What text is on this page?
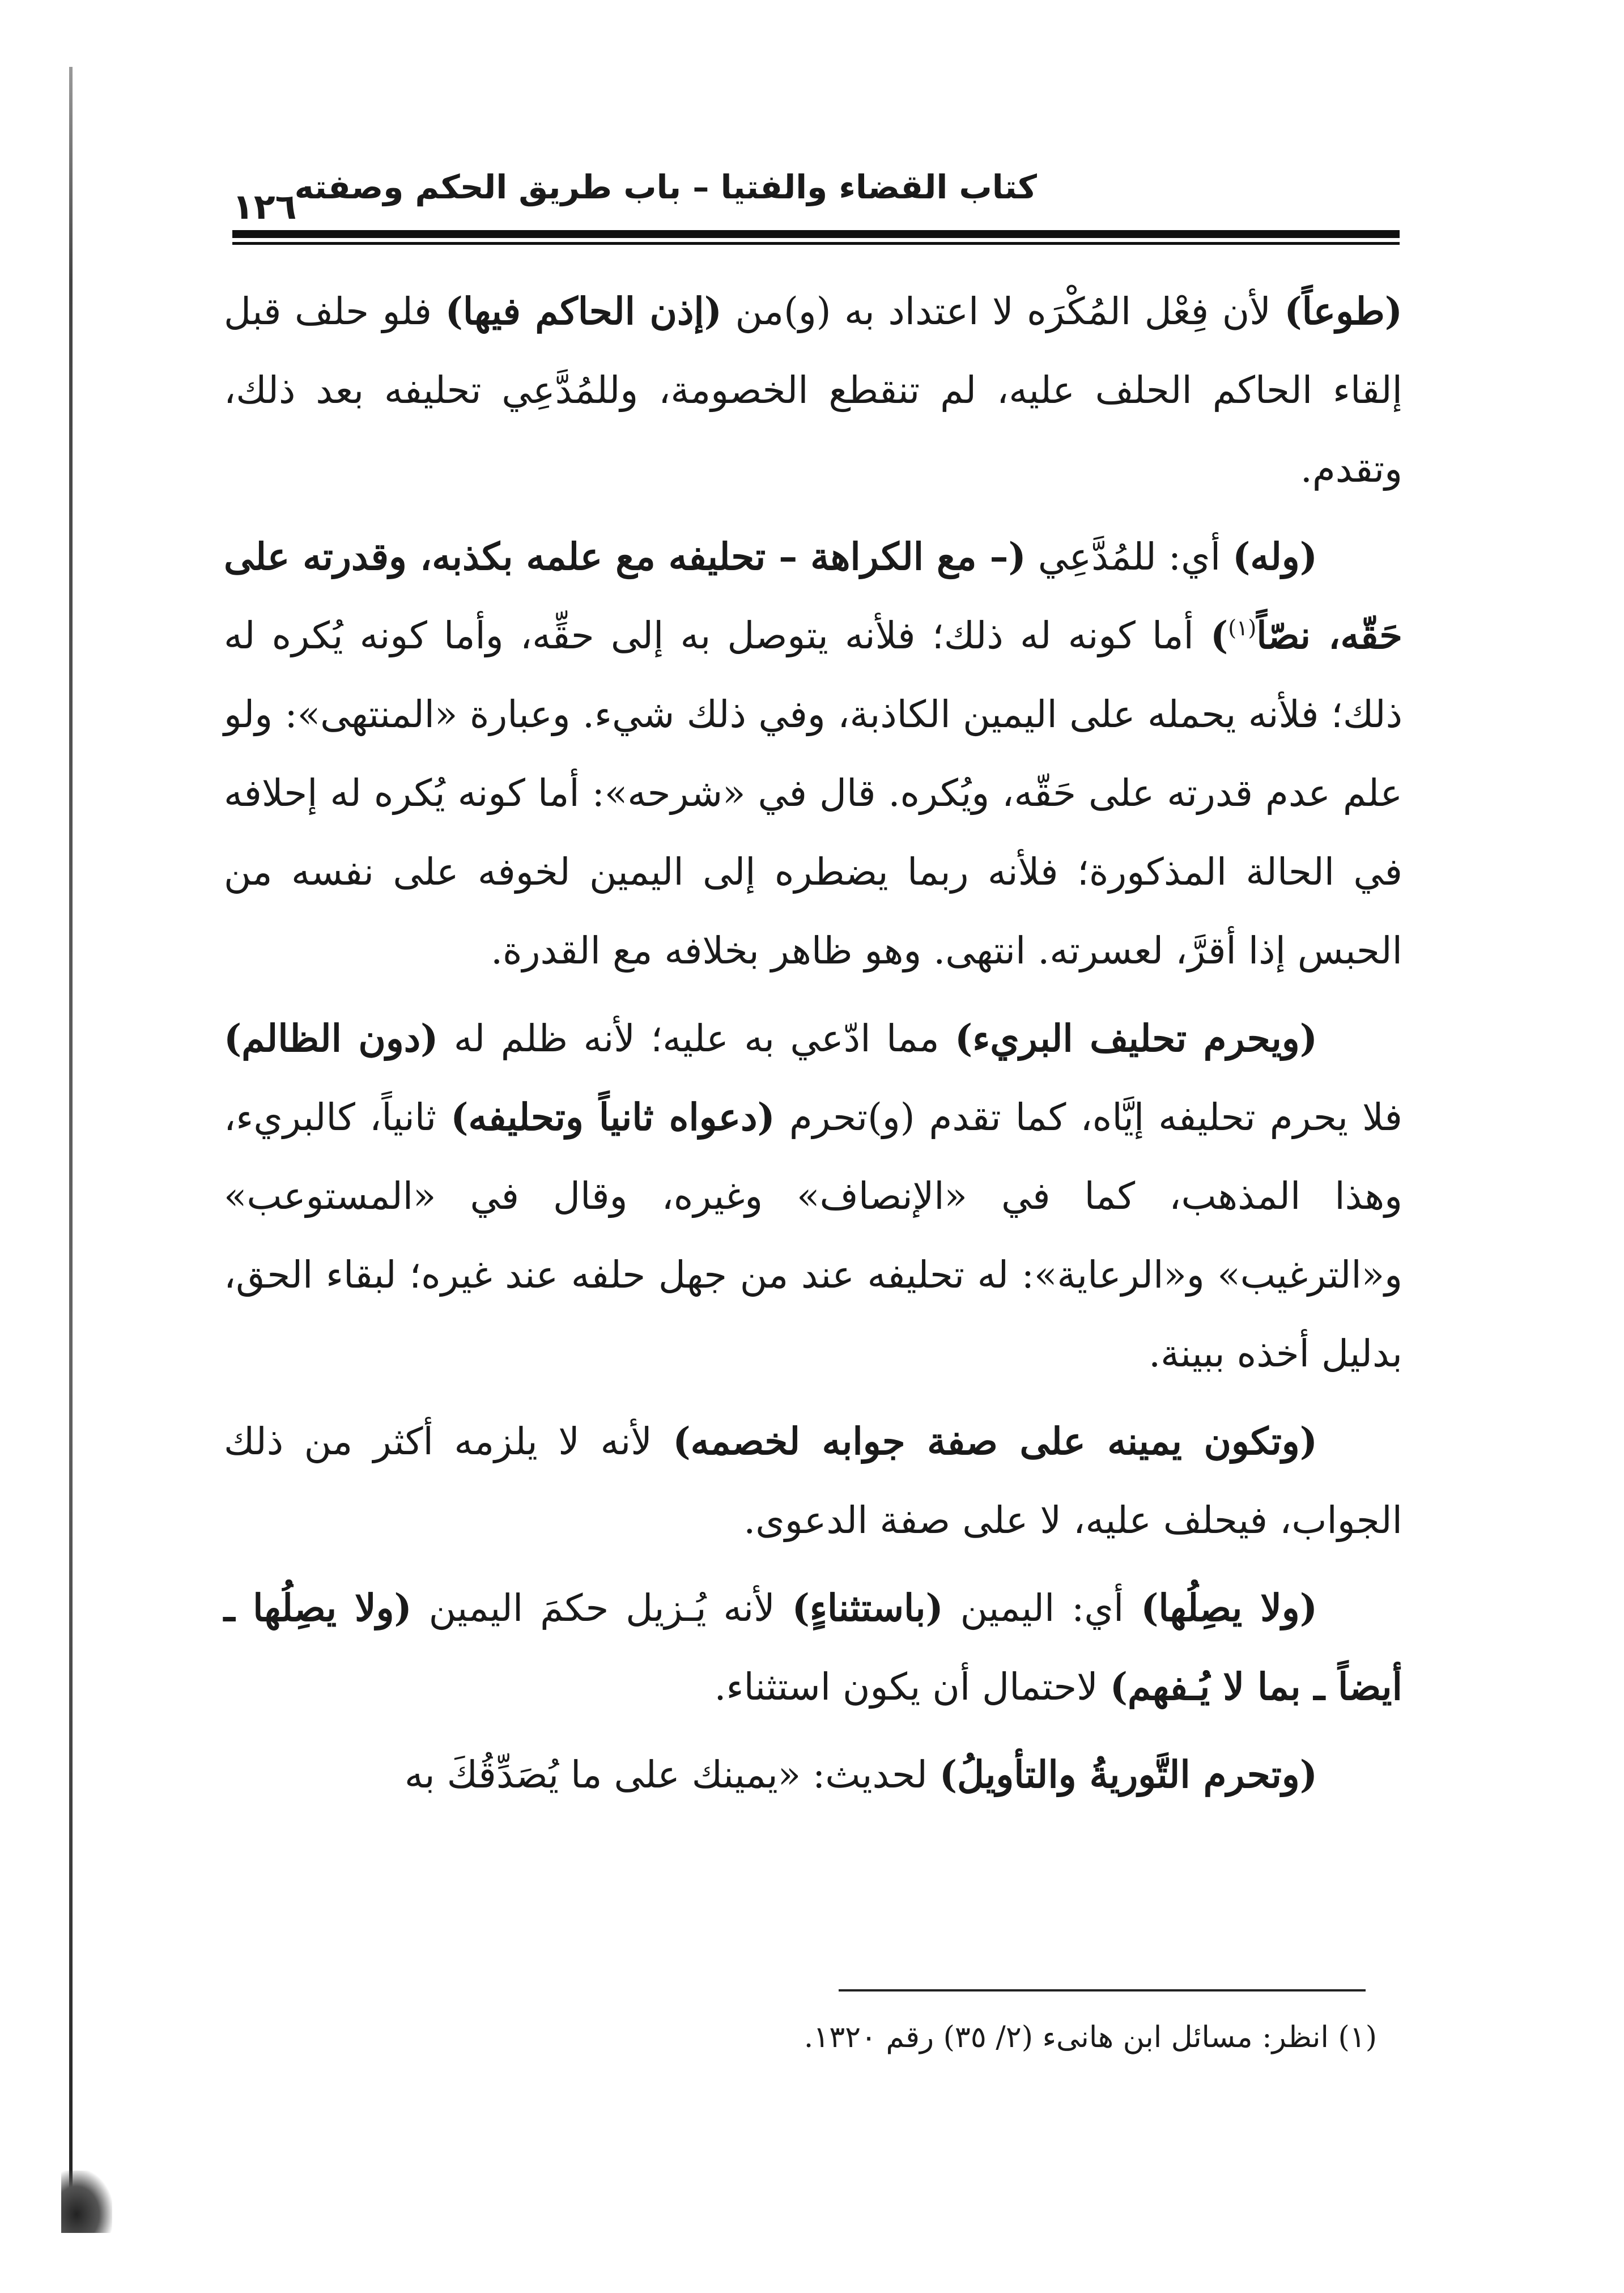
كتاب القضاء والفتيا – باب طريق الحكم وصفته
١٢٦

(طوعاً) لأن فِعْل المُكْرَه لا اعتداد به (و)من (إذن الحاكم فيها) فلو حلف قبل إلقاء الحاكم الحلف عليه، لم تنقطع الخصومة، وللمُدَّعِي تحليفه بعد ذلك، وتقدم.

(وله) أي: للمُدَّعِي (– مع الكراهة – تحليفه مع علمه بكذبه، وقدرته على حَقّه، نصّاً$^{(١)}$) أما كونه له ذلك؛ فلأنه يتوصل به إلى حقِّه، وأما كونه يُكره له ذلك؛ فلأنه يحمله على اليمين الكاذبة، وفي ذلك شيء. وعبارة «المنتهى»: ولو علم عدم قدرته على حَقّه، ويُكره. قال في «شرحه»: أما كونه يُكره له إحلافه في الحالة المذكورة؛ فلأنه ربما يضطره إلى اليمين لخوفه على نفسه من الحبس إذا أقرَّ، لعسرته. انتهى. وهو ظاهر بخلافه مع القدرة.

(ويحرم تحليف البريء) مما ادّعي به عليه؛ لأنه ظلم له (دون الظالم) فلا يحرم تحليفه إيَّاه، كما تقدم (و)تحرم (دعواه ثانياً وتحليفه) ثانياً، كالبريء، وهذا المذهب، كما في «الإنصاف» وغيره، وقال في «المستوعب» و«الترغيب» و«الرعاية»: له تحليفه عند من جهل حلفه عند غيره؛ لبقاء الحق، بدليل أخذه ببينة.

(وتكون يمينه على صفة جوابه لخصمه) لأنه لا يلزمه أكثر من ذلك الجواب، فيحلف عليه، لا على صفة الدعوى.

(ولا يصِلُها) أي: اليمين (باستثناءٍ) لأنه يُـزيل حكمَ اليمين (ولا يصِلُها ـ أيضاً ـ بما لا يُـفهم) لاحتمال أن يكون استثناء.

(وتحرم التَّوريةُ والتأويلُ) لحديث: «يمينك على ما يُصَدِّقُكَ به

(١) انظر: مسائل ابن هانىء (٢/ ٣٥) رقم ١٣٢٠.
